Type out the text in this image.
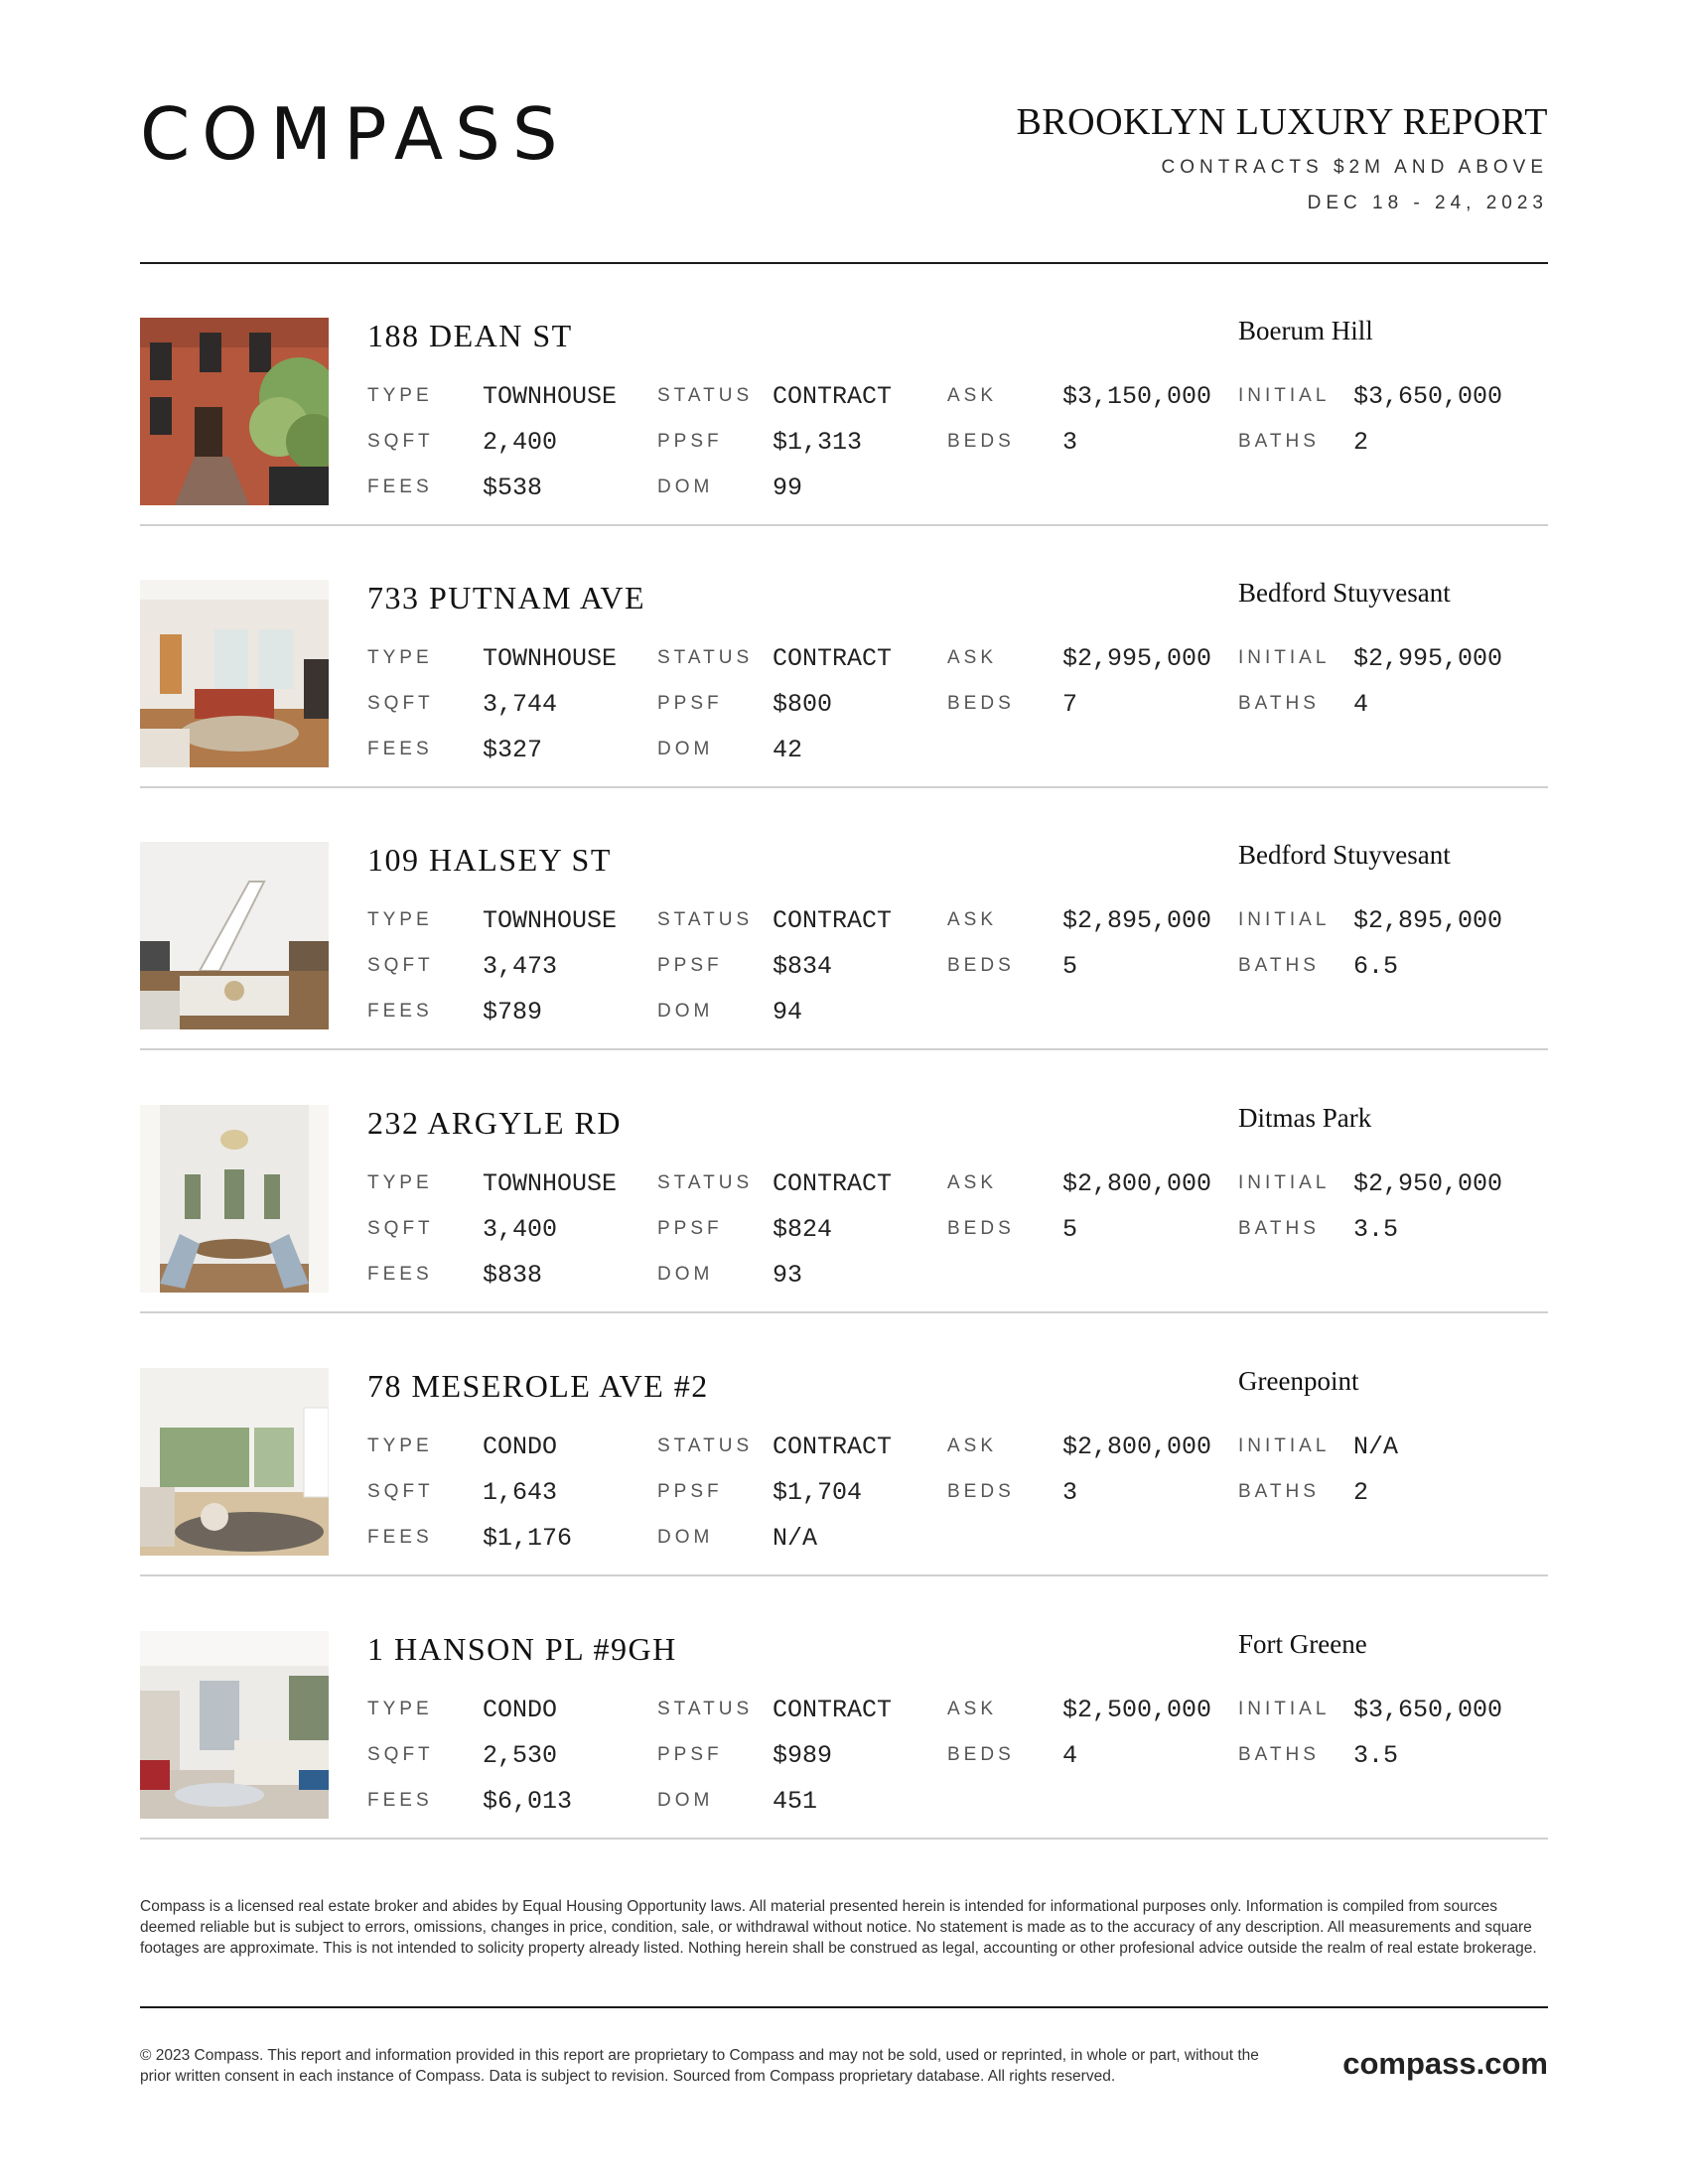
COMPASS	BROOKLYN LUXURY REPORT
CONTRACTS $2M AND ABOVE
DEC 18 - 24, 2023
188 DEAN ST	Boerum Hill
TYPE TOWNHOUSE STATUS CONTRACT	ASK	$3,150,000 INITIAL $3,650,000
SQFT 2,400	PPSF $1,313	BEDS 3	BATHS 2
FEES $538	DOM 99
733 PUTNAM AVE	Bedford Stuyvesant
TYPE TOWNHOUSE STATUS CONTRACT	ASK	$2,995,000 INITIAL $2,995,000
SQFT 3,744	PPSF $800	BEDS 7	BATHS 4
FEES $327	DOM 42
109 HALSEY ST	Bedford Stuyvesant
TYPE TOWNHOUSE STATUS CONTRACT	ASK	$2,895,000 INITIAL $2,895,000
SQFT 3,473	PPSF $834	BEDS 5	BATHS 6.5
FEES $789	DOM 94
232 ARGYLE RD	Ditmas Park
TYPE TOWNHOUSE STATUS CONTRACT	ASK	$2,800,000 INITIAL $2,950,000
SQFT 3,400	PPSF $824	BEDS 5	BATHS 3.5
FEES $838	DOM 93
78 MESEROLE AVE #2	Greenpoint
TYPE CONDO	STATUS CONTRACT	ASK	$2,800,000 INITIAL N/A
SQFT 1,643	PPSF $1,704	BEDS 3	BATHS 2
FEES $1,176	DOM N/A
1 HANSON PL #9GH	Fort Greene
TYPE CONDO	STATUS CONTRACT	ASK	$2,500,000 INITIAL $3,650,000
SQFT 2,530	PPSF $989	BEDS 4	BATHS 3.5
FEES $6,013	DOM 451
Compass is a licensed real estate broker and abides by Equal Housing Opportunity laws. All material presented herein is intended for informational purposes only. Information is compiled from sources deemed reliable but is subject to errors, omissions, changes in price, condition, sale, or withdrawal without notice. No statement is made as to the accuracy of any description. All measurements and square footages are approximate. This is not intended to solicity property already listed. Nothing herein shall be construed as legal, accounting or other profesional advice outside the realm of real estate brokerage.
© 2023 Compass. This report and information provided in this report are proprietary to Compass and may not be sold, used or reprinted, in whole or part, without the prior written consent in each instance of Compass. Data is subject to revision. Sourced from Compass proprietary database. All rights reserved.	compass.com
